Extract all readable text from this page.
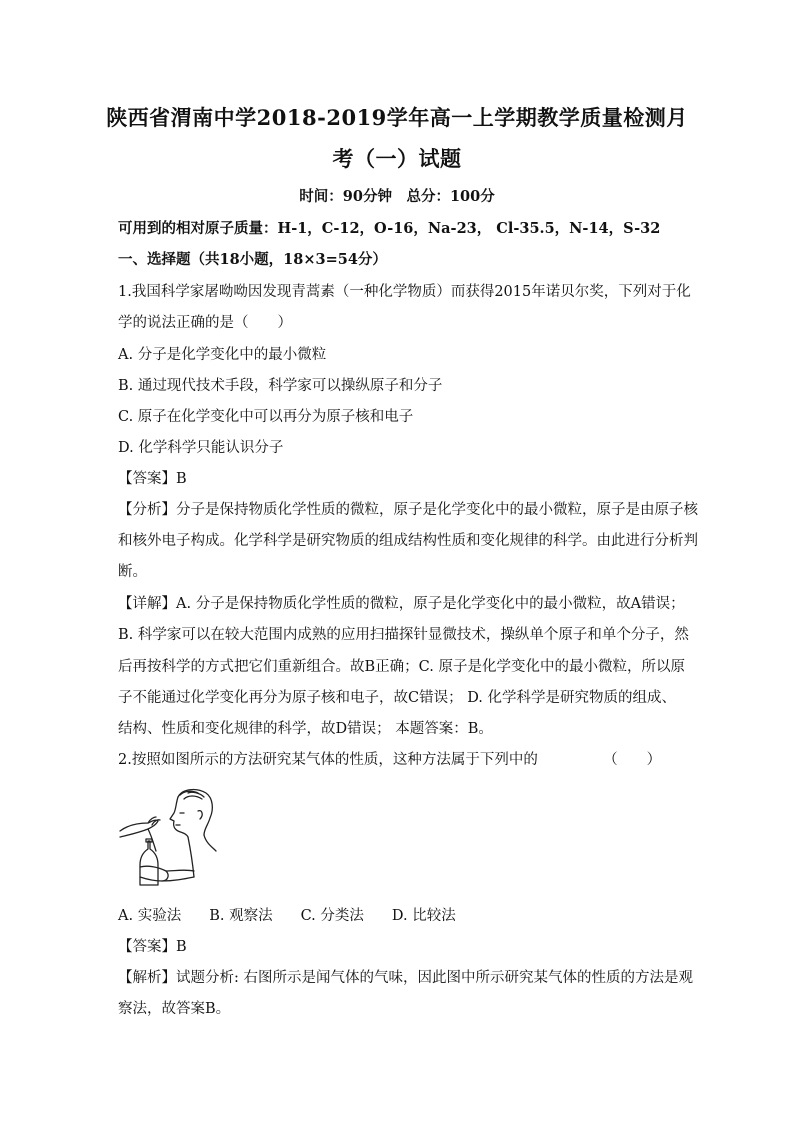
陕西省渭南中学2018-2019学年高一上学期教学质量检测月
考（一）试题
时间：90分钟　总分：100分
可用到的相对原子质量：H-1，C-12，O-16，Na-23， Cl-35.5，N-14，S-32
一、选择题（共18小题，18×3=54分）
1.我国科学家屠呦呦因发现青蒿素（一种化学物质）而获得2015年诺贝尔奖，下列对于化
学的说法正确的是（　　）
A. 分子是化学变化中的最小微粒
B. 通过现代技术手段，科学家可以操纵原子和分子
C. 原子在化学变化中可以再分为原子核和电子
D. 化学科学只能认识分子
【答案】B
【分析】分子是保持物质化学性质的微粒，原子是化学变化中的最小微粒，原子是由原子核
和核外电子构成。化学科学是研究物质的组成结构性质和变化规律的科学。由此进行分析判
断。
【详解】A. 分子是保持物质化学性质的微粒，原子是化学变化中的最小微粒，故A错误；
B. 科学家可以在较大范围内成熟的应用扫描探针显微技术，操纵单个原子和单个分子，然
后再按科学的方式把它们重新组合。故B正确；C. 原子是化学变化中的最小微粒，所以原
子不能通过化学变化再分为原子核和电子，故C错误； D. 化学科学是研究物质的组成、
结构、性质和变化规律的科学，故D错误； 本题答案：B。
2.按照如图所示的方法研究某气体的性质，这种方法属于下列中的　　　　　（　　）
A. 实验法 B. 观察法 C. 分类法 D. 比较法
【答案】B
【解析】试题分析: 右图所示是闻气体的气味，因此图中所示研究某气体的性质的方法是观
察法，故答案B。
